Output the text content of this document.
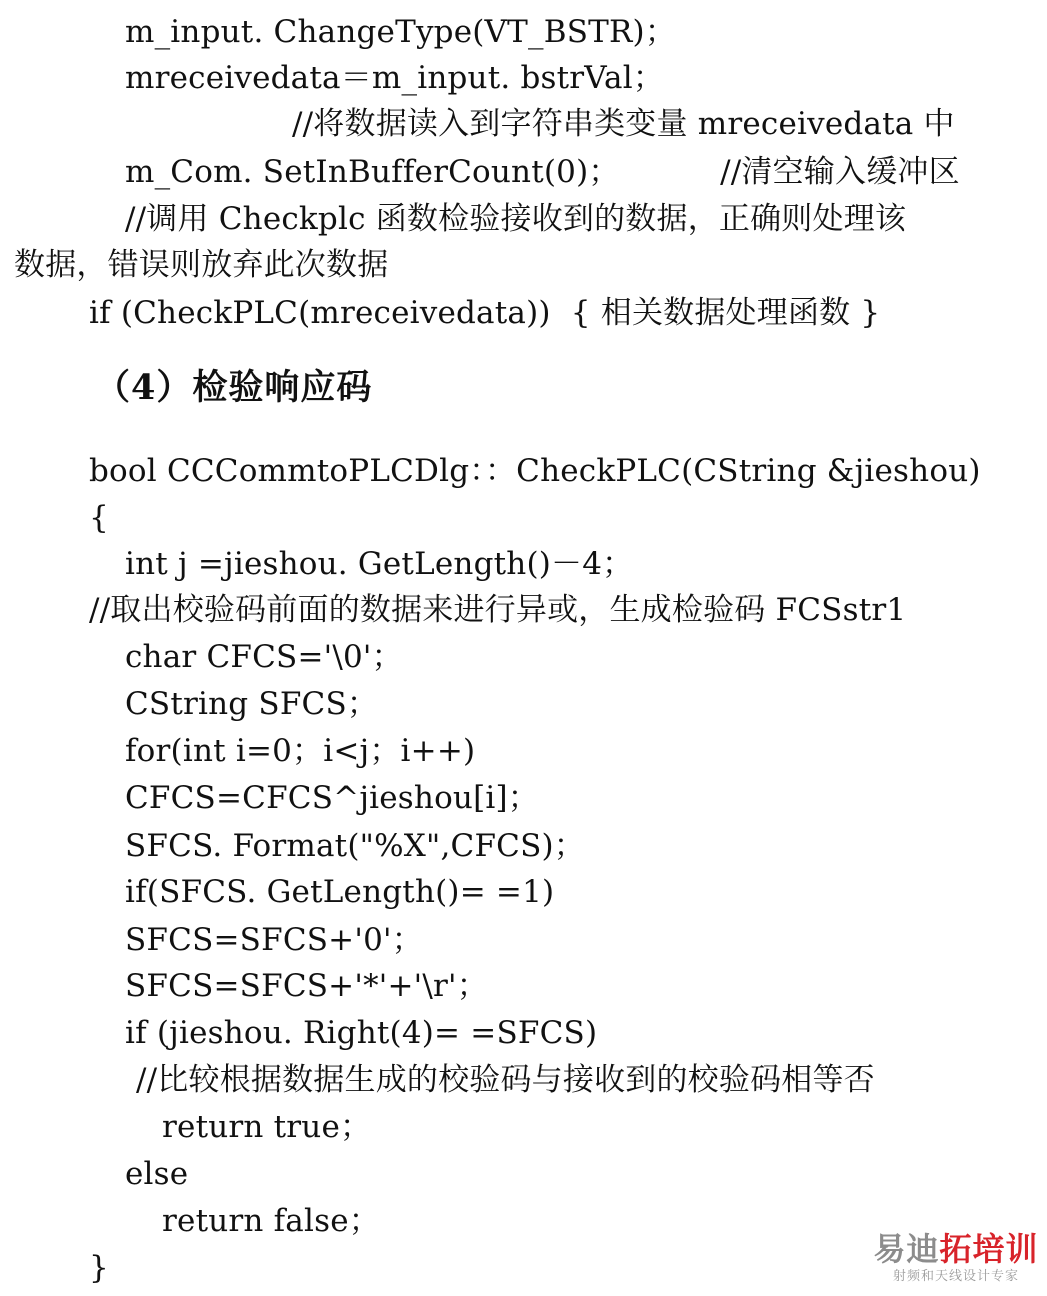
m_input. ChangeType(VT_BSTR)；
mreceivedata＝m_input. bstrVal；
//将数据读入到字符串类变量 mreceivedata 中
m_Com. SetInBufferCount(0)；          //清空输入缓冲区
//调用 Checkplc 函数检验接收到的数据，正确则处理该
数据，错误则放弃此次数据
if (CheckPLC(mreceivedata))  { 相关数据处理函数 }
（4）检验响应码
bool CCCommtoPLCDlg：：CheckPLC(CString &jieshou)
{
int j =jieshou. GetLength()－4；
//取出校验码前面的数据来进行异或，生成检验码 FCSstr1
char CFCS='\0'；
CString SFCS；
for(int i=0；i<j；i++)
CFCS=CFCS^jieshou[i]；
SFCS. Format("%X",CFCS)；
if(SFCS. GetLength()= =1)
SFCS=SFCS+'0'；
SFCS=SFCS+'*'+'\r'；
if (jieshou. Right(4)= =SFCS)
//比较根据数据生成的校验码与接收到的校验码相等否
return true；
else
return false；
}	易迪拓培训
射频和天线设计专家
